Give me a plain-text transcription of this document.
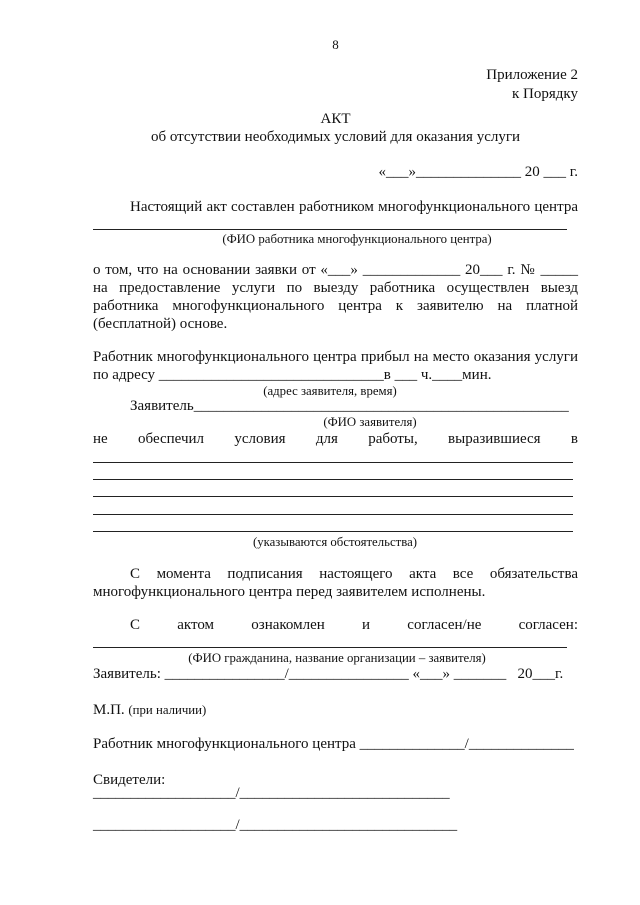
8
Приложение 2
к Порядку
АКТ
об отсутствии необходимых условий для оказания услуги
«___»______________ 20 ___ г.
Настоящий акт составлен работником многофункционального центра
(ФИО работника многофункционального центра)
о том, что на основании заявки от «___» _____________ 20___ г. № _____
на предоставление услуги по выезду работника осуществлен выезд
работника многофункционального центра к заявителю на платной
(бесплатной) основе.
Работник многофункционального центра прибыл на место оказания услуги
по адресу ______________________________в ___ ч.____мин.
(адрес заявителя, время)
Заявитель__________________________________________________
(ФИО заявителя)
не обеспечил условия для работы, выразившиеся в
(указываются обстоятельства)
С момента подписания настоящего акта все обязательства
многофункционального центра перед заявителем исполнены.
С актом ознакомлен и согласен/не согласен:
(ФИО гражданина, название организации – заявителя)
Заявитель: ________________/________________ «___» _______   20___г.
М.П. (при наличии)
Работник многофункционального центра ______________/______________
Свидетели:
___________________/____________________________
___________________/_____________________________
